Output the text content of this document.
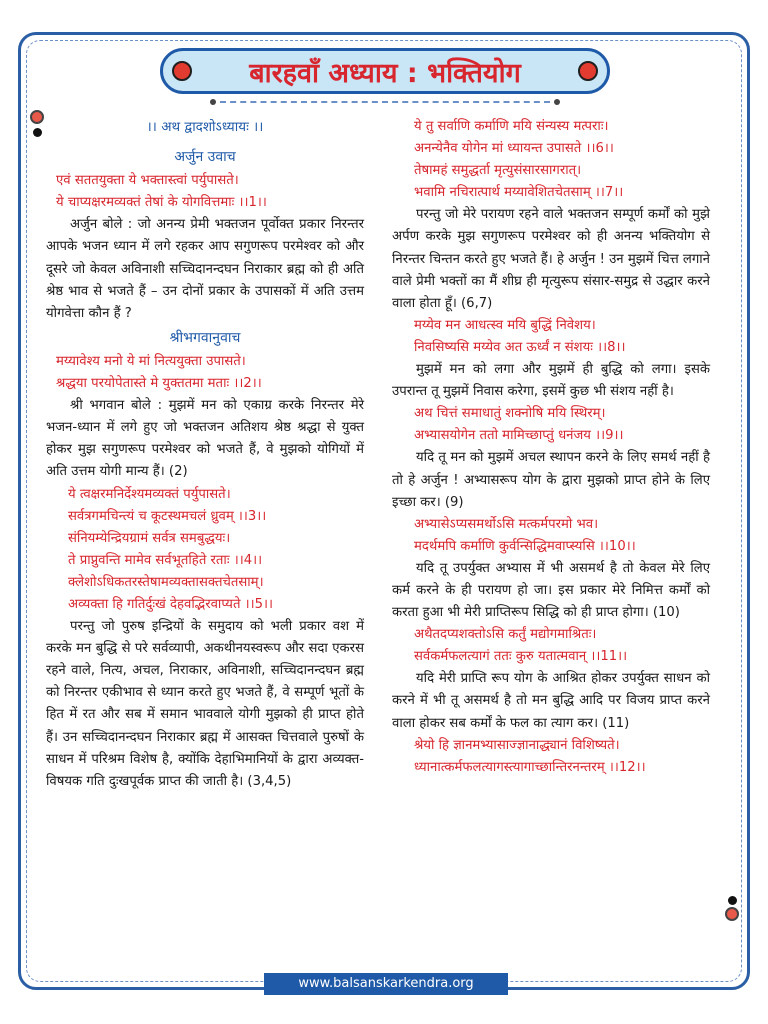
बारहवाँ अध्याय : भक्तियोग
।। अथ द्वादशोऽध्यायः ।।
अर्जुन उवाच
एवं सततयुक्ता ये भक्तास्त्वां पर्युपासते।
ये चाप्यक्षरमव्यक्तं तेषां के योगवित्तमाः ।।1।।
अर्जुन बोले : जो अनन्य प्रेमी भक्तजन पूर्वोक्त प्रकार निरन्तर आपके भजन ध्यान में लगे रहकर आप सगुणरूप परमेश्वर को और दूसरे जो केवल अविनाशी सच्चिदानन्दघन निराकार ब्रह्म को ही अति श्रेष्ठ भाव से भजते हैं – उन दोनों प्रकार के उपासकों में अति उत्तम योगवेत्ता कौन हैं ?
श्रीभगवानुवाच
मय्यावेश्य मनो ये मां नित्ययुक्ता उपासते।
श्रद्धया परयोपेतास्ते मे युक्ततमा मताः ।।2।।
श्री भगवान बोले : मुझमें मन को एकाग्र करके निरन्तर मेरे भजन-ध्यान में लगे हुए जो भक्तजन अतिशय श्रेष्ठ श्रद्धा से युक्त होकर मुझ सगुणरूप परमेश्वर को भजते हैं, वे मुझको योगियों में अति उत्तम योगी मान्य हैं। (2)
ये त्वक्षरमनिर्देश्यमव्यक्तं पर्युपासते।
सर्वत्रगमचिन्त्यं च कूटस्थमचलं ध्रुवम् ।।3।।
संनियम्येन्द्रियग्रामं सर्वत्र समबुद्धयः।
ते प्राप्नुवन्ति मामेव सर्वभूतहिते रताः ।।4।।
क्लेशोऽधिकतरस्तेषामव्यक्तासक्तचेतसाम्।
अव्यक्ता हि गतिर्दुःखं देहवद्भिरवाप्यते ।।5।।
परन्तु जो पुरुष इन्द्रियों के समुदाय को भली प्रकार वश में करके मन बुद्धि से परे सर्वव्यापी, अकथीनयस्वरूप और सदा एकरस रहने वाले, नित्य, अचल, निराकार, अविनाशी, सच्चिदानन्दघन ब्रह्म को निरन्तर एकीभाव से ध्यान करते हुए भजते हैं, वे सम्पूर्ण भूतों के हित में रत और सब में समान भाववाले योगी मुझको ही प्राप्त होते हैं। उन सच्चिदानन्दघन निराकार ब्रह्म में आसक्त चित्तवाले पुरुषों के साधन में परिश्रम विशेष है, क्योंकि देहाभिमानियों के द्वारा अव्यक्त-विषयक गति दुःखपूर्वक प्राप्त की जाती है। (3,4,5)
ये तु सर्वाणि कर्माणि मयि संन्यस्य मत्पराः।
अनन्येनैव योगेन मां ध्यायन्त उपासते ।।6।।
तेषामहं समुद्धर्ता मृत्युसंसारसागरात्।
भवामि नचिरात्पार्थ मय्यावेशितचेतसाम् ।।7।।
परन्तु जो मेरे परायण रहने वाले भक्तजन सम्पूर्ण कर्मों को मुझे अर्पण करके मुझ सगुणरूप परमेश्वर को ही अनन्य भक्तियोग से निरन्तर चिन्तन करते हुए भजते हैं। हे अर्जुन ! उन मुझमें चित्त लगाने वाले प्रेमी भक्तों का मैं शीघ्र ही मृत्युरूप संसार-समुद्र से उद्धार करने वाला होता हूँ। (6,7)
मय्येव मन आधत्स्व मयि बुद्धिं निवेशय।
निवसिष्यसि मय्येव अत ऊर्ध्वं न संशयः ।।8।।
मुझमें मन को लगा और मुझमें ही बुद्धि को लगा। इसके उपरान्त तू मुझमें निवास करेगा, इसमें कुछ भी संशय नहीं है।
अथ चित्तं समाधातुं शक्नोषि मयि स्थिरम्।
अभ्यासयोगेन ततो मामिच्छाप्तुं धनंजय ।।9।।
यदि तू मन को मुझमें अचल स्थापन करने के लिए समर्थ नहीं है तो हे अर्जुन ! अभ्यासरूप योग के द्वारा मुझको प्राप्त होने के लिए इच्छा कर। (9)
अभ्यासेऽप्यसमर्थोऽसि मत्कर्मपरमो भव।
मदर्थमपि कर्माणि कुर्वन्सिद्धिमवाप्स्यसि ।।10।।
यदि तू उपर्युक्त अभ्यास में भी असमर्थ है तो केवल मेरे लिए कर्म करने के ही परायण हो जा। इस प्रकार मेरे निमित्त कर्मों को करता हुआ भी मेरी प्राप्तिरूप सिद्धि को ही प्राप्त होगा। (10)
अथैतदप्यशक्तोऽसि कर्तुं मद्योगमाश्रितः।
सर्वकर्मफलत्यागं ततः कुरु यतात्मवान् ।।11।।
यदि मेरी प्राप्ति रूप योग के आश्रित होकर उपर्युक्त साधन को करने में भी तू असमर्थ है तो मन बुद्धि आदि पर विजय प्राप्त करने वाला होकर सब कर्मों के फल का त्याग कर। (11)
श्रेयो हि ज्ञानमभ्यासाज्ज्ञानाद्ध्यानं विशिष्यते।
ध्यानात्कर्मफलत्यागस्त्यागाच्छान्तिरनन्तरम् ।।12।।
www.balsanskarkendra.org
